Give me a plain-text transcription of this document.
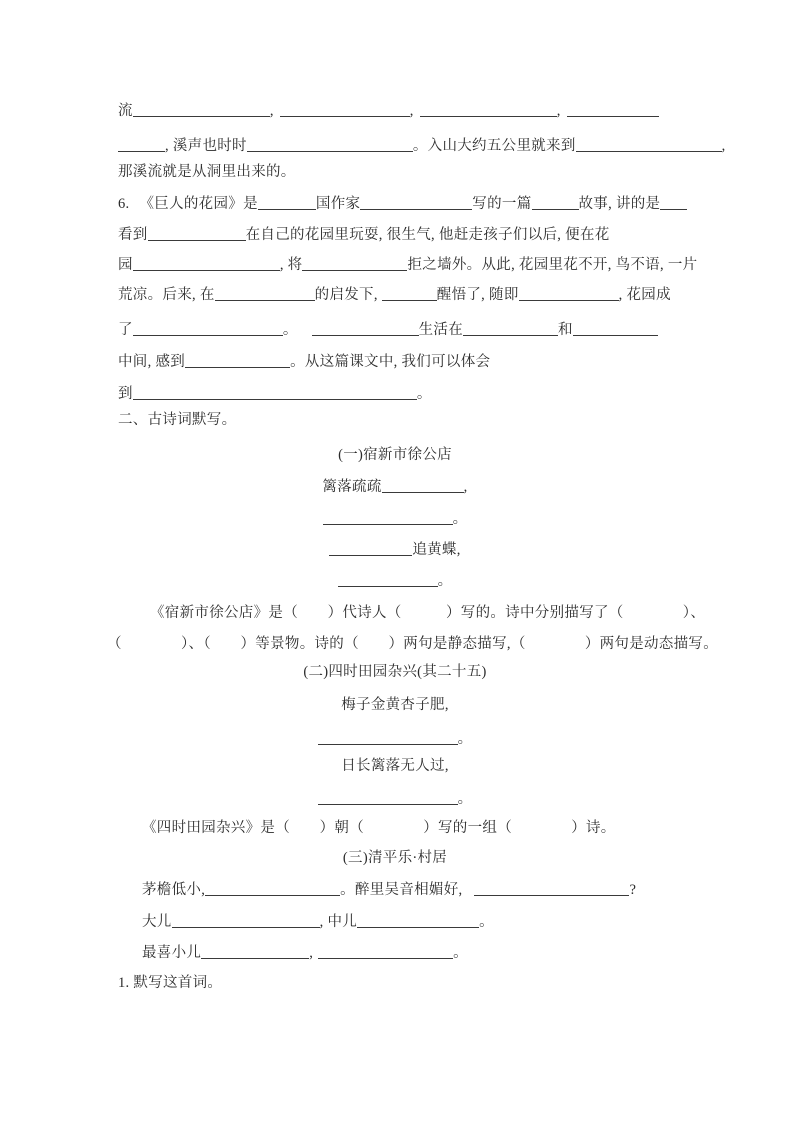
流	,	,	,
, 溪声也时时	。入山大约五公里就来到	,
那溪流就是从洞里出来的。
6. 《巨人的花园》是	国作家	写的一篇	故事, 讲的是
看到	在自己的花园里玩耍, 很生气, 他赶走孩子们以后, 便在花
园	, 将	拒之墙外。从此, 花园里花不开, 鸟不语, 一片
荒凉。后来, 在	的启发下,	醒悟了, 随即	, 花园成
了	。	生活在	和
中间, 感到	。从这篇课文中, 我们可以体会
到	。
二、古诗词默写。
(一)宿新市徐公店
篱落疏疏	,
。
追黄蝶,
。
《宿新市徐公店》是（　　）代诗人（　　　）写的。诗中分别描写了（　　　　）、
（　　　　）、（　　）等景物。诗的（　　）两句是静态描写,（　　　　）两句是动态描写。
(二)四时田园杂兴(其二十五)
梅子金黄杏子肥,
。
日长篱落无人过,
。
《四时田园杂兴》是（　　）朝（　　　　）写的一组（　　　　）诗。
(三)清平乐·村居
茅檐低小,	。醉里吴音相媚好,	?
大儿	, 中儿	。
最喜小儿	,	。
1. 默写这首词。
